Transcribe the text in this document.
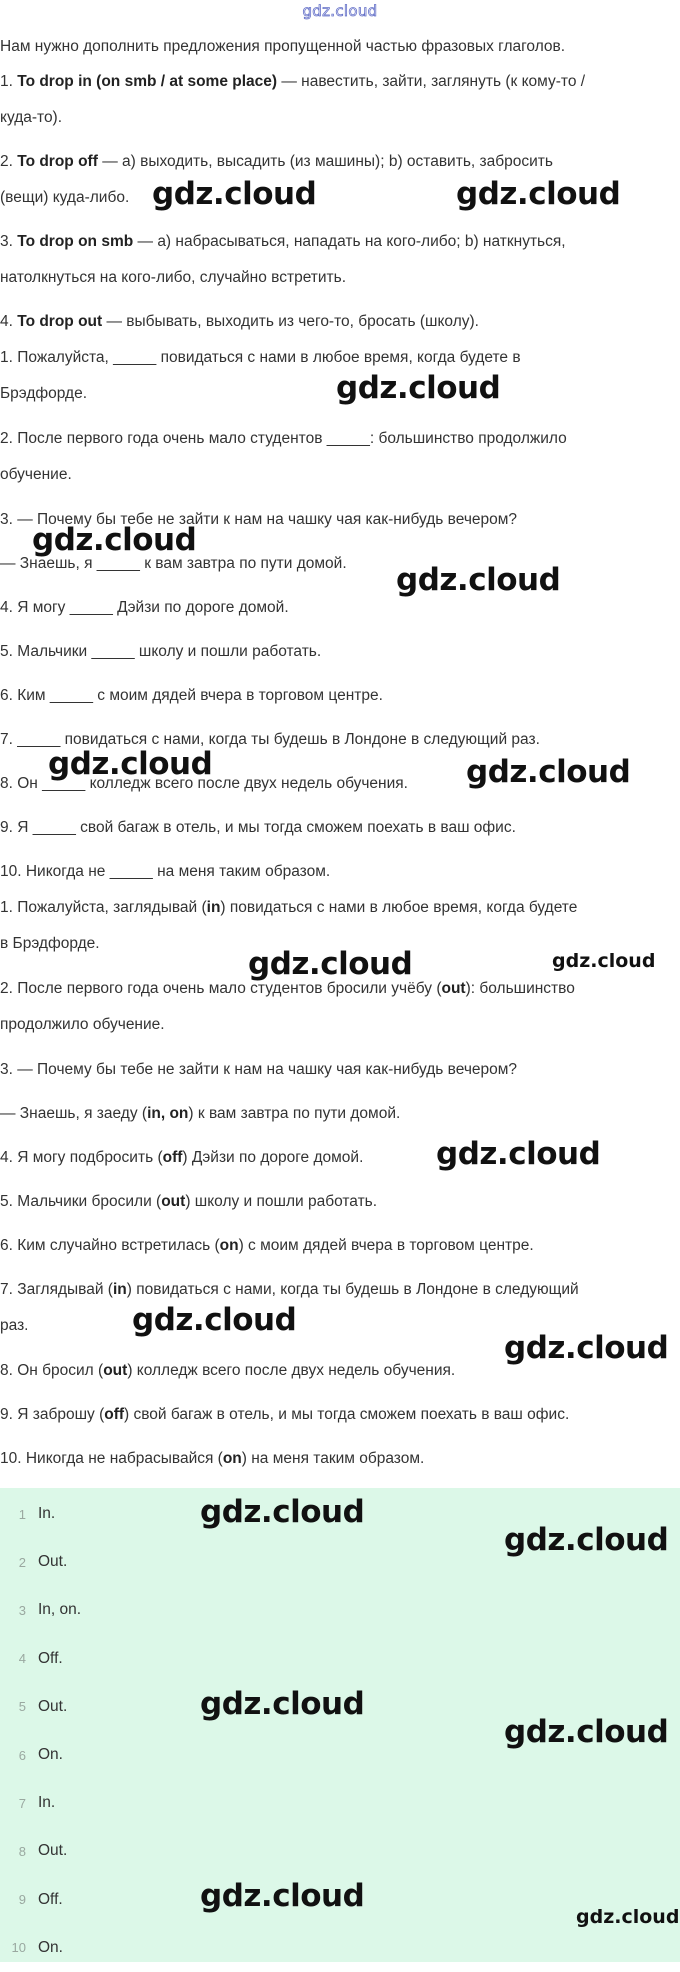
gdz.cloud
Нам нужно дополнить предложения пропущенной частью фразовых глаголов.
1. To drop in (on smb / at some place) — навестить, зайти, заглянуть (к кому-то /
куда-то).
2. To drop off — a) выходить, высадить (из машины); b) оставить, забросить
(вещи) куда-либо.
3. To drop on smb — a) набрасываться, нападать на кого-либо; b) наткнуться,
натолкнуться на кого-либо, случайно встретить.
4. To drop out — выбывать, выходить из чего-то, бросать (школу).
1. Пожалуйста, _____ повидаться с нами в любое время, когда будете в
Брэдфорде.
2. После первого года очень мало студентов _____: большинство продолжило
обучение.
3. — Почему бы тебе не зайти к нам на чашку чая как-нибудь вечером?
— Знаешь, я _____ к вам завтра по пути домой.
4. Я могу _____ Дэйзи по дороге домой.
5. Мальчики _____ школу и пошли работать.
6. Ким _____ с моим дядей вчера в торговом центре.
7. _____ повидаться с нами, когда ты будешь в Лондоне в следующий раз.
8. Он _____ колледж всего после двух недель обучения.
9. Я _____ свой багаж в отель, и мы тогда сможем поехать в ваш офис.
10. Никогда не _____ на меня таким образом.
1. Пожалуйста, заглядывай (in) повидаться с нами в любое время, когда будете
в Брэдфорде.
2. После первого года очень мало студентов бросили учёбу (out): большинство
продолжило обучение.
3. — Почему бы тебе не зайти к нам на чашку чая как-нибудь вечером?
— Знаешь, я заеду (in, on) к вам завтра по пути домой.
4. Я могу подбросить (off) Дэйзи по дороге домой.
5. Мальчики бросили (out) школу и пошли работать.
6. Ким случайно встретилась (on) с моим дядей вчера в торговом центре.
7. Заглядывай (in) повидаться с нами, когда ты будешь в Лондоне в следующий
раз.
8. Он бросил (out) колледж всего после двух недель обучения.
9. Я заброшу (off) свой багаж в отель, и мы тогда сможем поехать в ваш офис.
10. Никогда не набрасывайся (on) на меня таким образом.
1 In.
2 Out.
3 In, on.
4 Off.
5 Out.
6 On.
7 In.
8 Out.
9 Off.
10 On.
gdz.cloud	gdz.cloud
gdz.cloud
gdz.cloud
gdz.cloud
gdz.cloud	gdz.cloud
gdz.cloud	gdz.cloud
gdz.cloud
gdz.cloud
gdz.cloud
gdz.cloud
gdz.cloud
gdz.cloud
gdz.cloud
gdz.cloud
gdz.cloud
